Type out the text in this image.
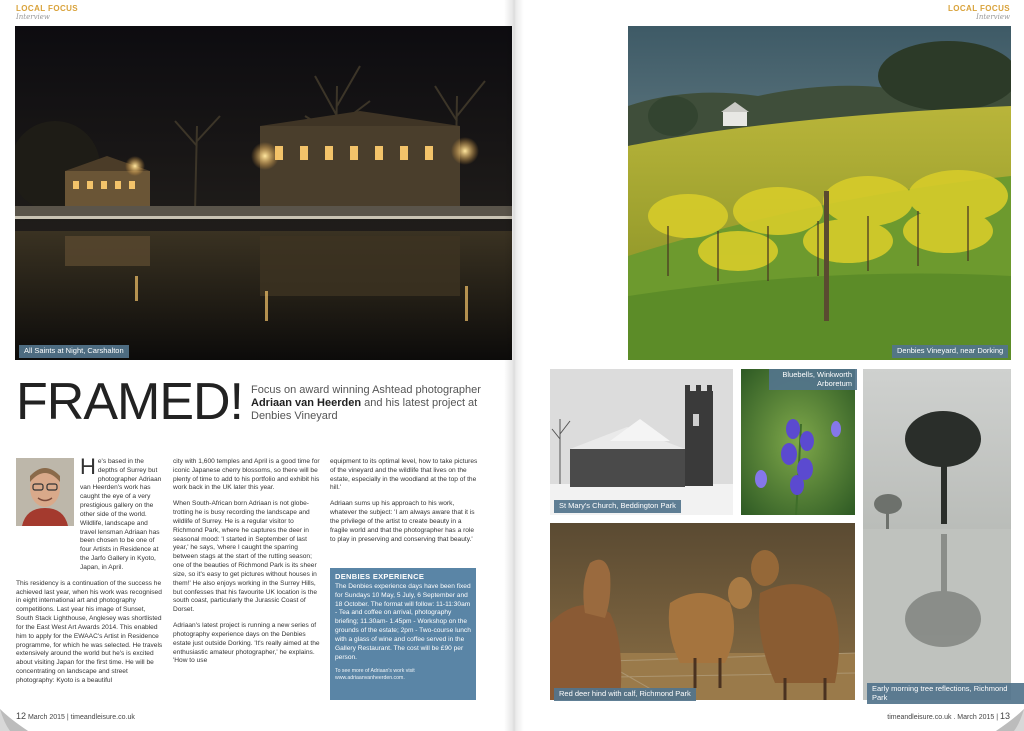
LOCAL FOCUS
Interview
All Saints at Night, Carshalton
FRAMED! Focus on award winning Ashtead photographer Adriaan van Heerden and his latest project at Denbies Vineyard

He's based in the depths of Surrey but photographer Adriaan van Heerden's work has caught the eye of a very prestigious gallery on the other side of the world. Wildlife, landscape and travel lensman Adriaan has been chosen to be one of four Artists in Residence at the Jarfo Gallery in Kyoto, Japan, in April.

This residency is a continuation of the success he achieved last year, when his work was recognised in eight international art and photography competitions. Last year his image of Sunset, South Stack Lighthouse, Anglesey was shortlisted for the East West Art Awards 2014. This enabled him to apply for the EWAAC's Artist in Residence programme, for which he was selected. He travels extensively around the world but he's is excited about visiting Japan for the first time. He will be concentrating on landscape and street photography: Kyoto is a beautiful

city with 1,600 temples and April is a good time for iconic Japanese cherry blossoms, so there will be plenty of time to add to his portfolio and exhibit his work back in the UK later this year.

When South-African born Adriaan is not globe-trotting he is busy recording the landscape and wildlife of Surrey. He is a regular visitor to Richmond Park, where he captures the deer in seasonal mood: 'I started in September of last year,' he says, 'where I caught the sparring between stags at the start of the rutting season; one of the beauties of Richmond Park is its sheer size, so it's easy to get pictures without houses in them!' He also enjoys working in the Surrey Hills, but confesses that his favourite UK location is the south coast, particularly the Jurassic Coast of Dorset.

Adriaan's latest project is running a new series of photography experience days on the Denbies estate just outside Dorking. 'It's really aimed at the enthusiastic amateur photographer,' he explains. 'How to use

equipment to its optimal level, how to take pictures of the vineyard and the wildlife that lives on the estate, especially in the woodland at the top of the hill.'

Adriaan sums up his approach to his work, whatever the subject: 'I am always aware that it is the privilege of the artist to create beauty in a fragile world and that the photographer has a role to play in preserving and conserving that beauty.'

DENBIES EXPERIENCE
The Denbies experience days have been fixed for Sundays 10 May, 5 July, 6 September and 18 October. The format will follow: 11-11:30am - Tea and coffee on arrival, photography briefing; 11.30am- 1.45pm - Workshop on the grounds of the estate; 2pm - Two-course lunch with a glass of wine and coffee served in the Gallery Restaurant. The cost will be £90 per person.
To see more of Adriaan's work visit www.adriaanvanheerden.com.
12 March 2015 | timeandleisure.co.uk
LOCAL FOCUS
Interview
Denbies Vineyard, near Dorking
St Mary's Church, Beddington Park
Bluebells, Winkworth Arboretum
Red deer hind with calf, Richmond Park
Early morning tree reflections, Richmond Park
timeandleisure.co.uk . March 2015 | 13
